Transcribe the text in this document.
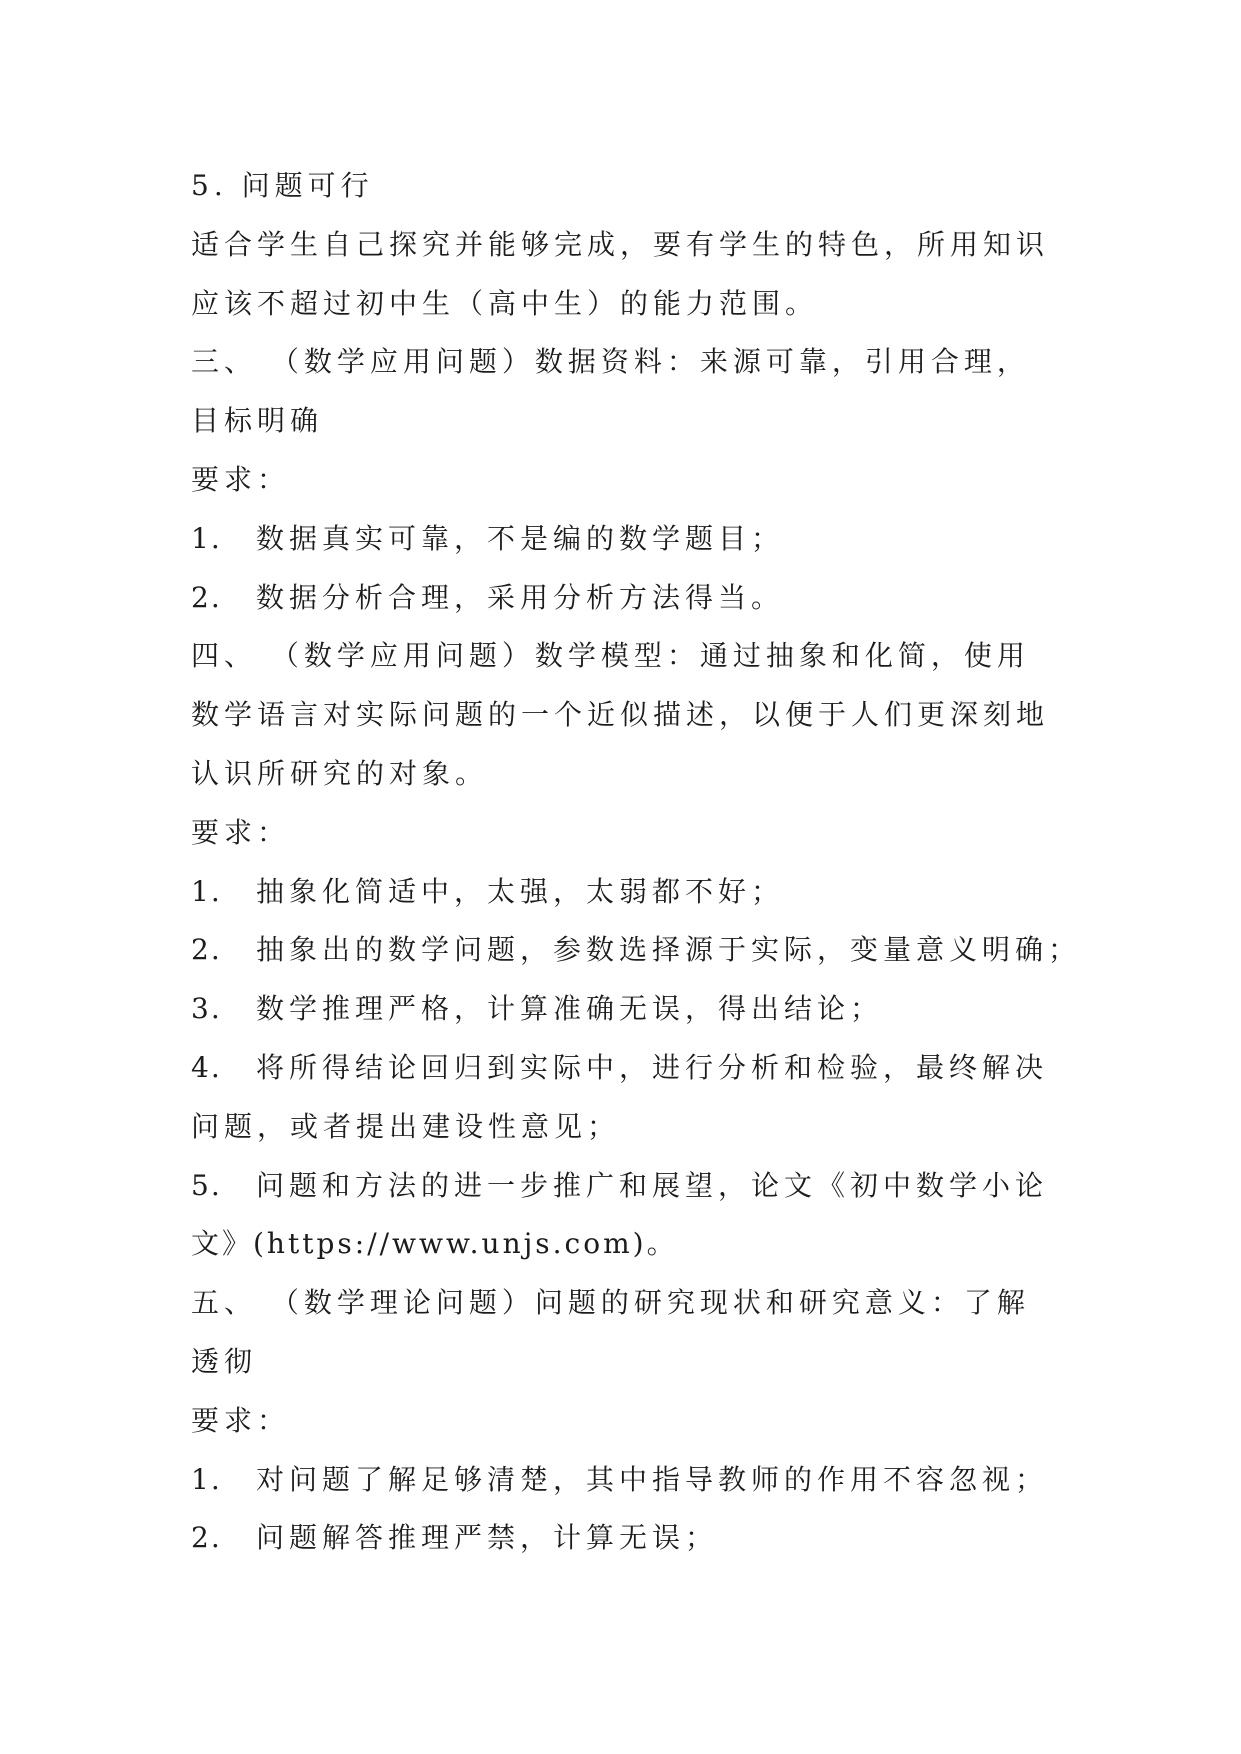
5. 问题可行
适合学生自己探究并能够完成，要有学生的特色，所用知识
应该不超过初中生（高中生）的能力范围。
三、 （数学应用问题）数据资料：来源可靠，引用合理，
目标明确
要求：
1. 数据真实可靠，不是编的数学题目；
2. 数据分析合理，采用分析方法得当。
四、 （数学应用问题）数学模型：通过抽象和化简，使用
数学语言对实际问题的一个近似描述，以便于人们更深刻地
认识所研究的对象。
要求：
1. 抽象化简适中，太强，太弱都不好；
2. 抽象出的数学问题，参数选择源于实际，变量意义明确；
3. 数学推理严格，计算准确无误，得出结论；
4. 将所得结论回归到实际中，进行分析和检验，最终解决
问题，或者提出建设性意见；
5. 问题和方法的进一步推广和展望，论文《初中数学小论
文》(https://www.unjs.com)。
五、 （数学理论问题）问题的研究现状和研究意义：了解
透彻
要求：
1. 对问题了解足够清楚，其中指导教师的作用不容忽视；
2. 问题解答推理严禁，计算无误；
